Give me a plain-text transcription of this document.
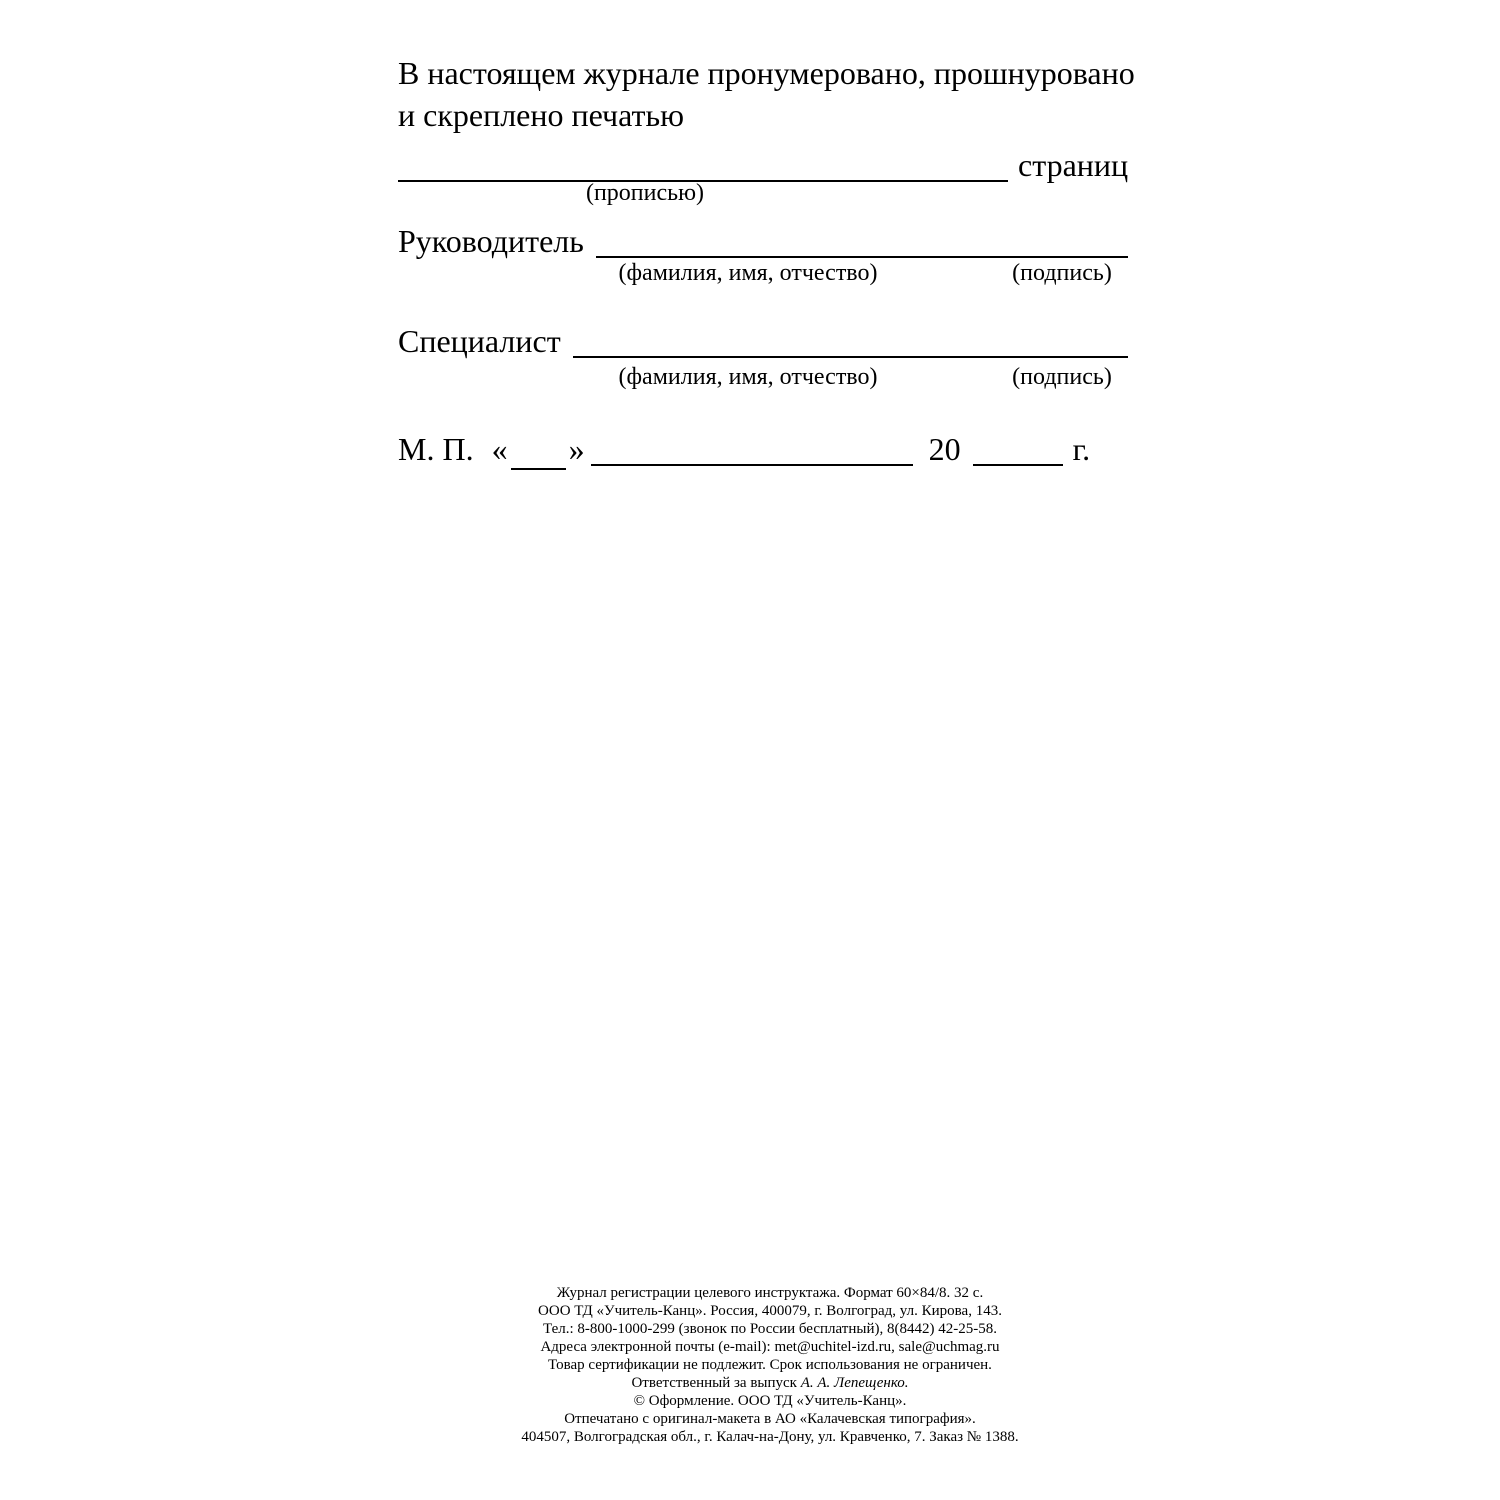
В настоящем журнале пронумеровано, прошнуровано
и скреплено печатью
страниц
(прописью)
Руководитель
(фамилия, имя, отчество)	(подпись)
Специалист
(фамилия, имя, отчество)	(подпись)
М. П. « »	20	г.
Журнал регистрации целевого инструктажа. Формат 60×84/8. 32 с.
ООО ТД «Учитель-Канц». Россия, 400079, г. Волгоград, ул. Кирова, 143.
Тел.: 8-800-1000-299 (звонок по России бесплатный), 8(8442) 42-25-58.
Адреса электронной почты (e-mail): met@uchitel-izd.ru, sale@uchmag.ru
Товар сертификации не подлежит. Срок использования не ограничен.
Ответственный за выпуск А. А. Лепещенко.
© Оформление. ООО ТД «Учитель-Канц».
Отпечатано с оригинал-макета в АО «Калачевская типография».
404507, Волгоградская обл., г. Калач-на-Дону, ул. Кравченко, 7. Заказ № 1388.
